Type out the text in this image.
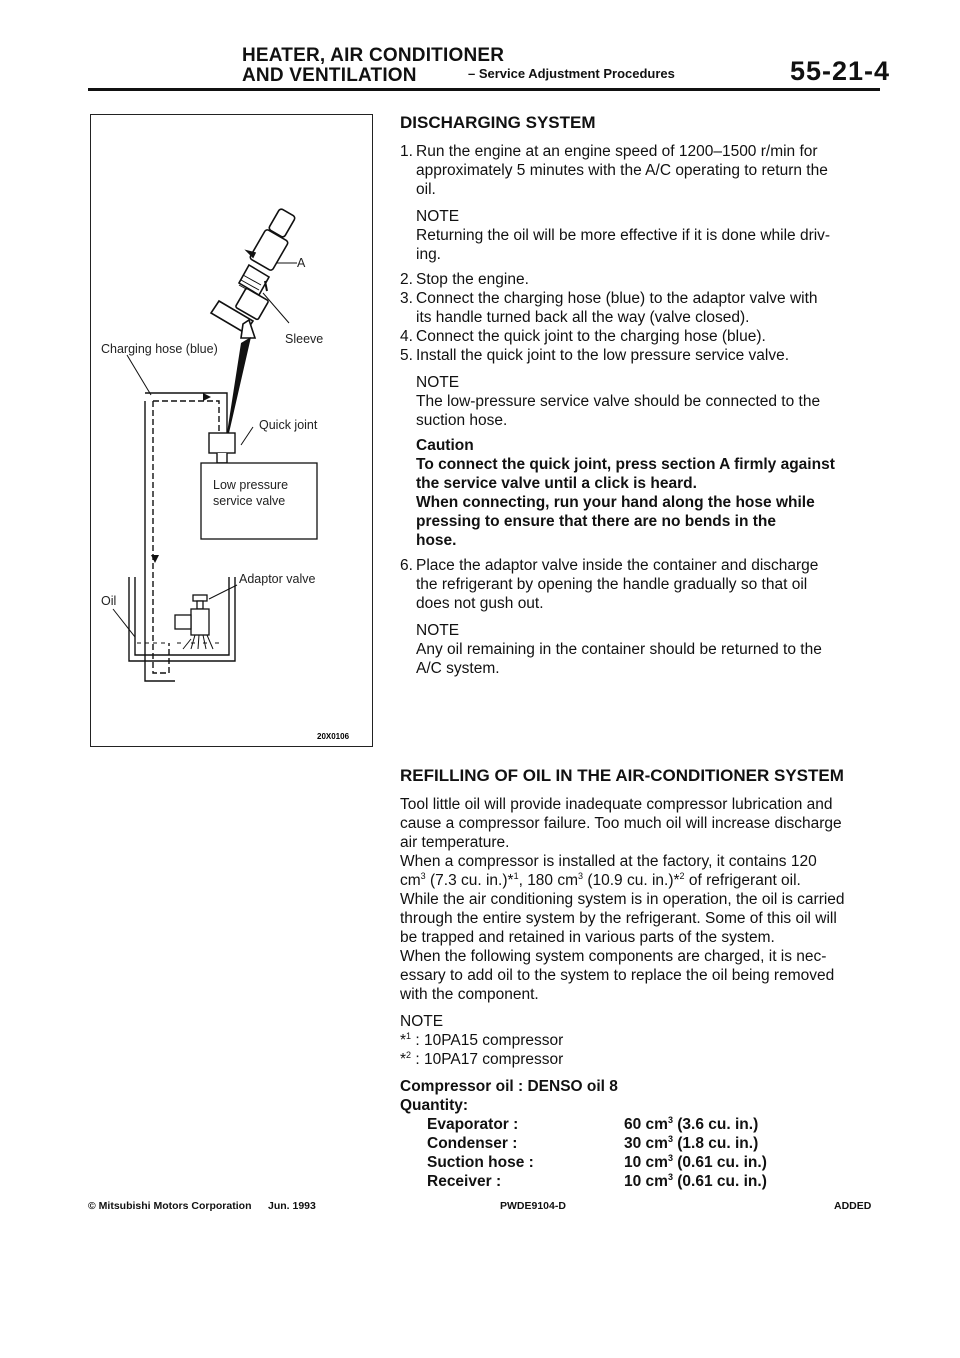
HEATER, AIR CONDITIONER
AND VENTILATION	– Service Adjustment Procedures	55-21-4
A
Sleeve
Charging hose (blue)
Quick joint
Low pressure
service valve
Adaptor valve
Oil
20X0106
DISCHARGING SYSTEM
1. Run the engine at an engine speed of 1200–1500 r/min for
approximately 5 minutes with the A/C operating to return the
oil.
NOTE
Returning the oil will be more effective if it is done while driv-
ing.
2. Stop the engine.
3. Connect the charging hose (blue) to the adaptor valve with
its handle turned back all the way (valve closed).
4. Connect the quick joint to the charging hose (blue).
5. Install the quick joint to the low pressure service valve.
NOTE
The low-pressure service valve should be connected to the
suction hose.
Caution
To connect the quick joint, press section A firmly against
the service valve until a click is heard.
When connecting, run your hand along the hose while
pressing to ensure that there are no bends in the
hose.
6. Place the adaptor valve inside the container and discharge
the refrigerant by opening the handle gradually so that oil
does not gush out.
NOTE
Any oil remaining in the container should be returned to the
A/C system.
REFILLING OF OIL IN THE AIR-CONDITIONER SYSTEM

Tool little oil will provide inadequate compressor lubrication and
cause a compressor failure. Too much oil will increase discharge
air temperature.

When a compressor is installed at the factory, it contains 120
$cm^3$ (7.3 cu. in.)*$^1$, 180 $cm^3$ (10.9 cu. in.)*$^2$ of refrigerant oil.
While the air conditioning system is in operation, the oil is carried
through the entire system by the refrigerant. Some of this oil will
be trapped and retained in various parts of the system.

When the following system components are charged, it is nec-
essary to add oil to the system to replace the oil being removed
with the component.

NOTE
*$^1$ : 10PA15 compressor
*$^2$ : 10PA17 compressor

Compressor oil : DENSO oil 8

Quantity:

Evaporator :	60 $cm^3$ (3.6 cu. in.)
Condenser :	30 $cm^3$ (1.8 cu. in.)
Suction hose :	10 $cm^3$ (0.61 cu. in.)
Receiver :	10 $cm^3$ (0.61 cu. in.)
© Mitsubishi Motors Corporation Jun. 1993	PWDE9104-D	ADDED
